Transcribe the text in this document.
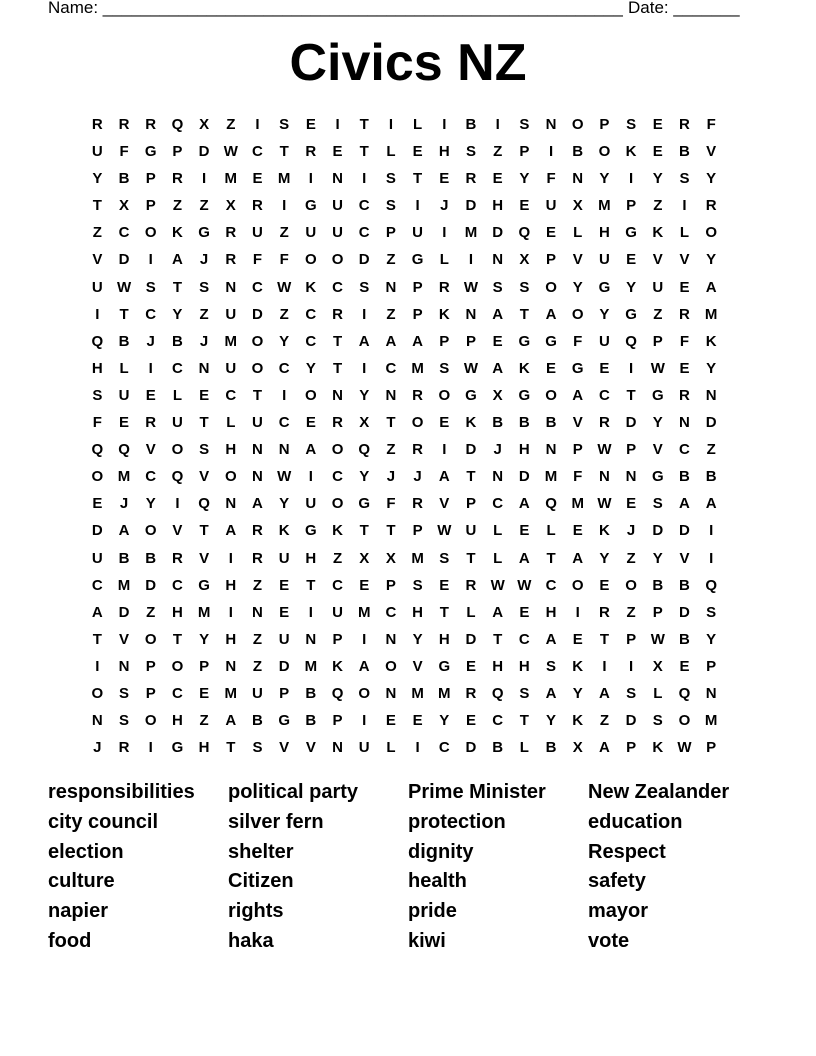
Name: _______________________________________________________ Date: _______
Civics NZ
R	R	R	Q	X	Z	I	S	E	I	T	I	L	I	B	I	S	N	O	P	S	E	R	F
U	F	G	P	D W C	T	R	E	T	L	E	H	S	Z	P	I	B	O	K	E	B	V
Y	B	P	R	I	M	E	M	I	N	I	S	T	E	R	E	Y	F	N	Y	I	Y	S	Y
T	X	P	Z	Z	X	R	I	G	U	C	S	I	J	D	H	E	U	X	M	P	Z	I	R
Z	C	O	K	G	R	U	Z	U	U	C	P	U	I	M	D	Q	E	L	H	G	K	L	O
V	D	I	A	J	R	F	F	O	O	D	Z	G	L	I	N	X	P	V	U	E	V	V	Y
U W S	T	S	N	C W K	C	S	N	P	R W S	S	O	Y	G	Y	U	E	A
I	T	C	Y	Z	U	D	Z	C	R	I	Z	P	K	N	A	T	A	O	Y	G	Z	R	M
Q	B	J	B	J	M O	Y	C	T	A	A	A	P	P	E	G	G	F	U	Q	P	F	K
H	L	I	C	N	U	O	C	Y	T	I	C	M	S W A	K	E	G	E	I	W E	Y
S	U	E	L	E	C	T	I	O	N	Y	N	R	O	G	X	G	O	A	C	T	G	R	N
F	E	R	U	T	L	U	C	E	R	X	T	O	E	K	B	B	B	V	R	D	Y	N	D
Q	Q	V	O	S	H	N	N	A	O	Q	Z	R	I	D	J	H	N	P W P	V	C	Z
O M	C	Q	V	O	N W	I	C	Y	J	J	A	T	N	D	M	F	N	N	G	B	B
E	J	Y	I	Q	N	A	Y	U	O	G	F	R	V	P	C	A	Q M W E	S	A	A
D	A	O	V	T	A	R	K	G	K	T	T	P W U	L	E	L	E	K	J	D	D	I
U	B	B	R	V	I	R	U	H	Z	X	X	M	S	T	L	A	T	A	Y	Z	Y	V	I
C	M	D	C	G	H	Z	E	T	C	E	P	S	E	R W W C	O	E	O	B	B	Q
A	D	Z	H	M	I	N	E	I	U	M	C	H	T	L	A	E	H	I	R	Z	P	D	S
T	V	O	T	Y	H	Z	U	N	P	I	N	Y	H	D	T	C	A	E	T	P W B	Y
I	N	P	O	P	N	Z	D	M	K	A	O	V	G	E	H	H	S	K	I	I	X	E	P
O	S	P	C	E	M	U	P	B	Q	O	N	M M	R	Q	S	A	Y	A	S	L	Q	N
N	S	O	H	Z	A	B	G	B	P	I	E	E	Y	E	C	T	Y	K	Z	D	S	O M
J	R	I	G	H	T	S	V	V	N	U	L	I	C	D	B	L	B	X	A	P	K W P
responsibilities	political party	Prime Minister	New Zealander
city council	silver fern	protection	education
election	shelter	dignity	Respect
culture	Citizen	health	safety
napier	rights	pride	mayor
food	haka	kiwi	vote
